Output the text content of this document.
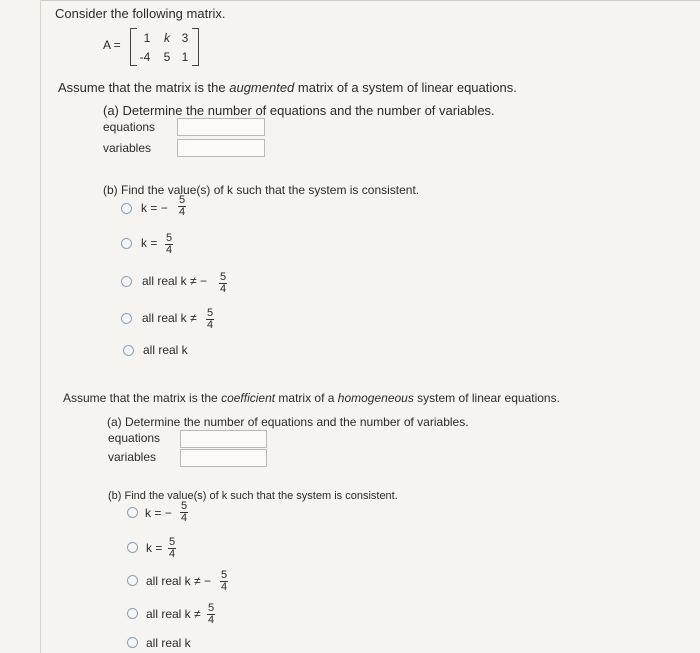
Consider the following matrix.
A =	1	k 3
-4	5 1
Assume that the matrix is the augmented matrix of a system of linear equations.
(a) Determine the number of equations and the number of variables.
equations
variables
(b) Find the value(s) of k such that the system is consistent.
k = − $\frac{5}{4}$
$k = \frac{5}{4}$
all real k ≠ − $\frac{5}{4}$
all real $k \ne \frac{5}{4}$
all real k
Assume that the matrix is the coefficient matrix of a homogeneous system of linear equations.
(a) Determine the number of equations and the number of variables.
equations
variables
(b) Find the value(s) of k such that the system is consistent.
k = − $\frac{5}{4}$
$k = \frac{5}{4}$
all real k ≠ − $\frac{5}{4}$
all real $k \ne \frac{5}{4}$
all real k
